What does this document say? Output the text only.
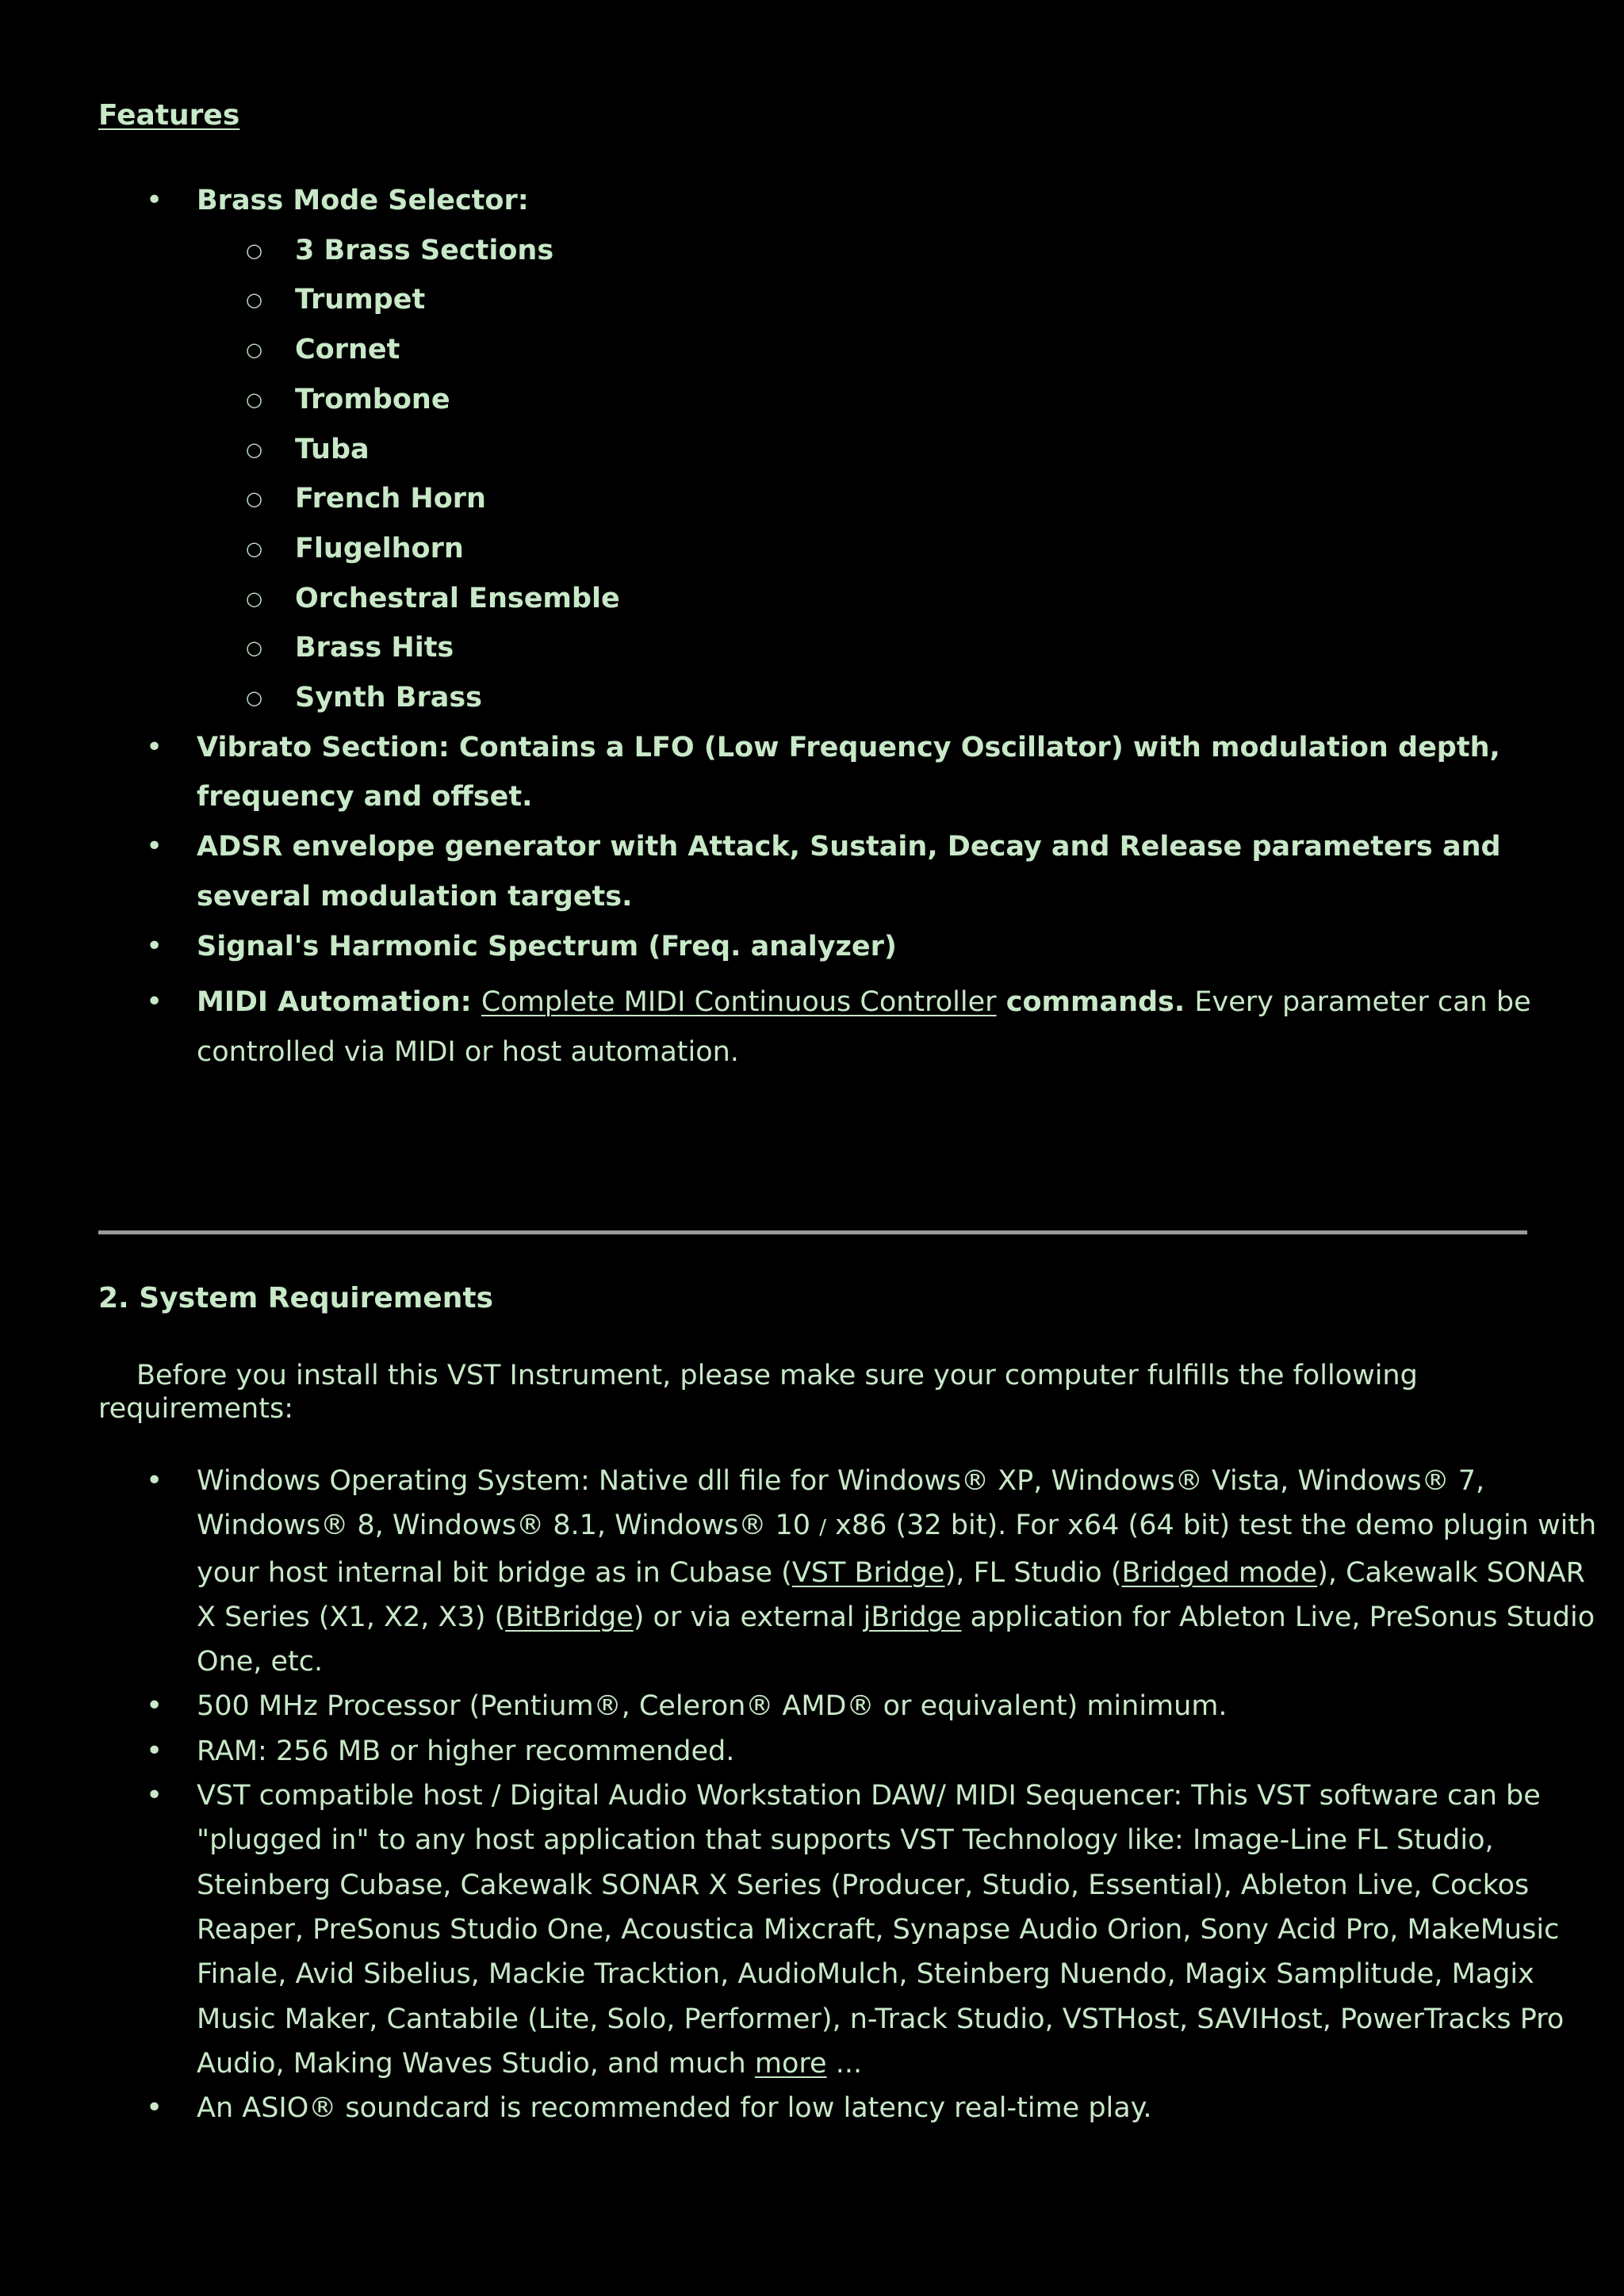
Features
• Brass Mode Selector:
○ 3 Brass Sections
○ Trumpet
○ Cornet
○ Trombone
○ Tuba
○ French Horn
○ Flugelhorn
○ Orchestral Ensemble
○ Brass Hits
○ Synth Brass
• Vibrato Section: Contains a LFO (Low Frequency Oscillator) with modulation depth, frequency and offset.
• ADSR envelope generator with Attack, Sustain, Decay and Release parameters and several modulation targets.
• Signal's Harmonic Spectrum (Freq. analyzer)
• MIDI Automation: Complete MIDI Continuous Controller commands. Every parameter can be controlled via MIDI or host automation.
2. System Requirements

Before you install this VST Instrument, please make sure your computer fulfills the following requirements:

• Windows Operating System: Native dll file for Windows® XP, Windows® Vista, Windows® 7, Windows® 8, Windows® 8.1, Windows® 10 / x86 (32 bit). For x64 (64 bit) test the demo plugin with your host internal bit bridge as in Cubase (VST Bridge), FL Studio (Bridged mode), Cakewalk SONAR X Series (X1, X2, X3) (BitBridge) or via external jBridge application for Ableton Live, PreSonus Studio One, etc.
• 500 MHz Processor (Pentium®, Celeron® AMD® or equivalent) minimum.
• RAM: 256 MB or higher recommended.
• VST compatible host / Digital Audio Workstation DAW/ MIDI Sequencer: This VST software can be "plugged in" to any host application that supports VST Technology like: Image-Line FL Studio, Steinberg Cubase, Cakewalk SONAR X Series (Producer, Studio, Essential), Ableton Live, Cockos Reaper, PreSonus Studio One, Acoustica Mixcraft, Synapse Audio Orion, Sony Acid Pro, MakeMusic Finale, Avid Sibelius, Mackie Tracktion, AudioMulch, Steinberg Nuendo, Magix Samplitude, Magix Music Maker, Cantabile (Lite, Solo, Performer), n-Track Studio, VSTHost, SAVIHost, PowerTracks Pro Audio, Making Waves Studio, and much more ...
• An ASIO® soundcard is recommended for low latency real-time play.
